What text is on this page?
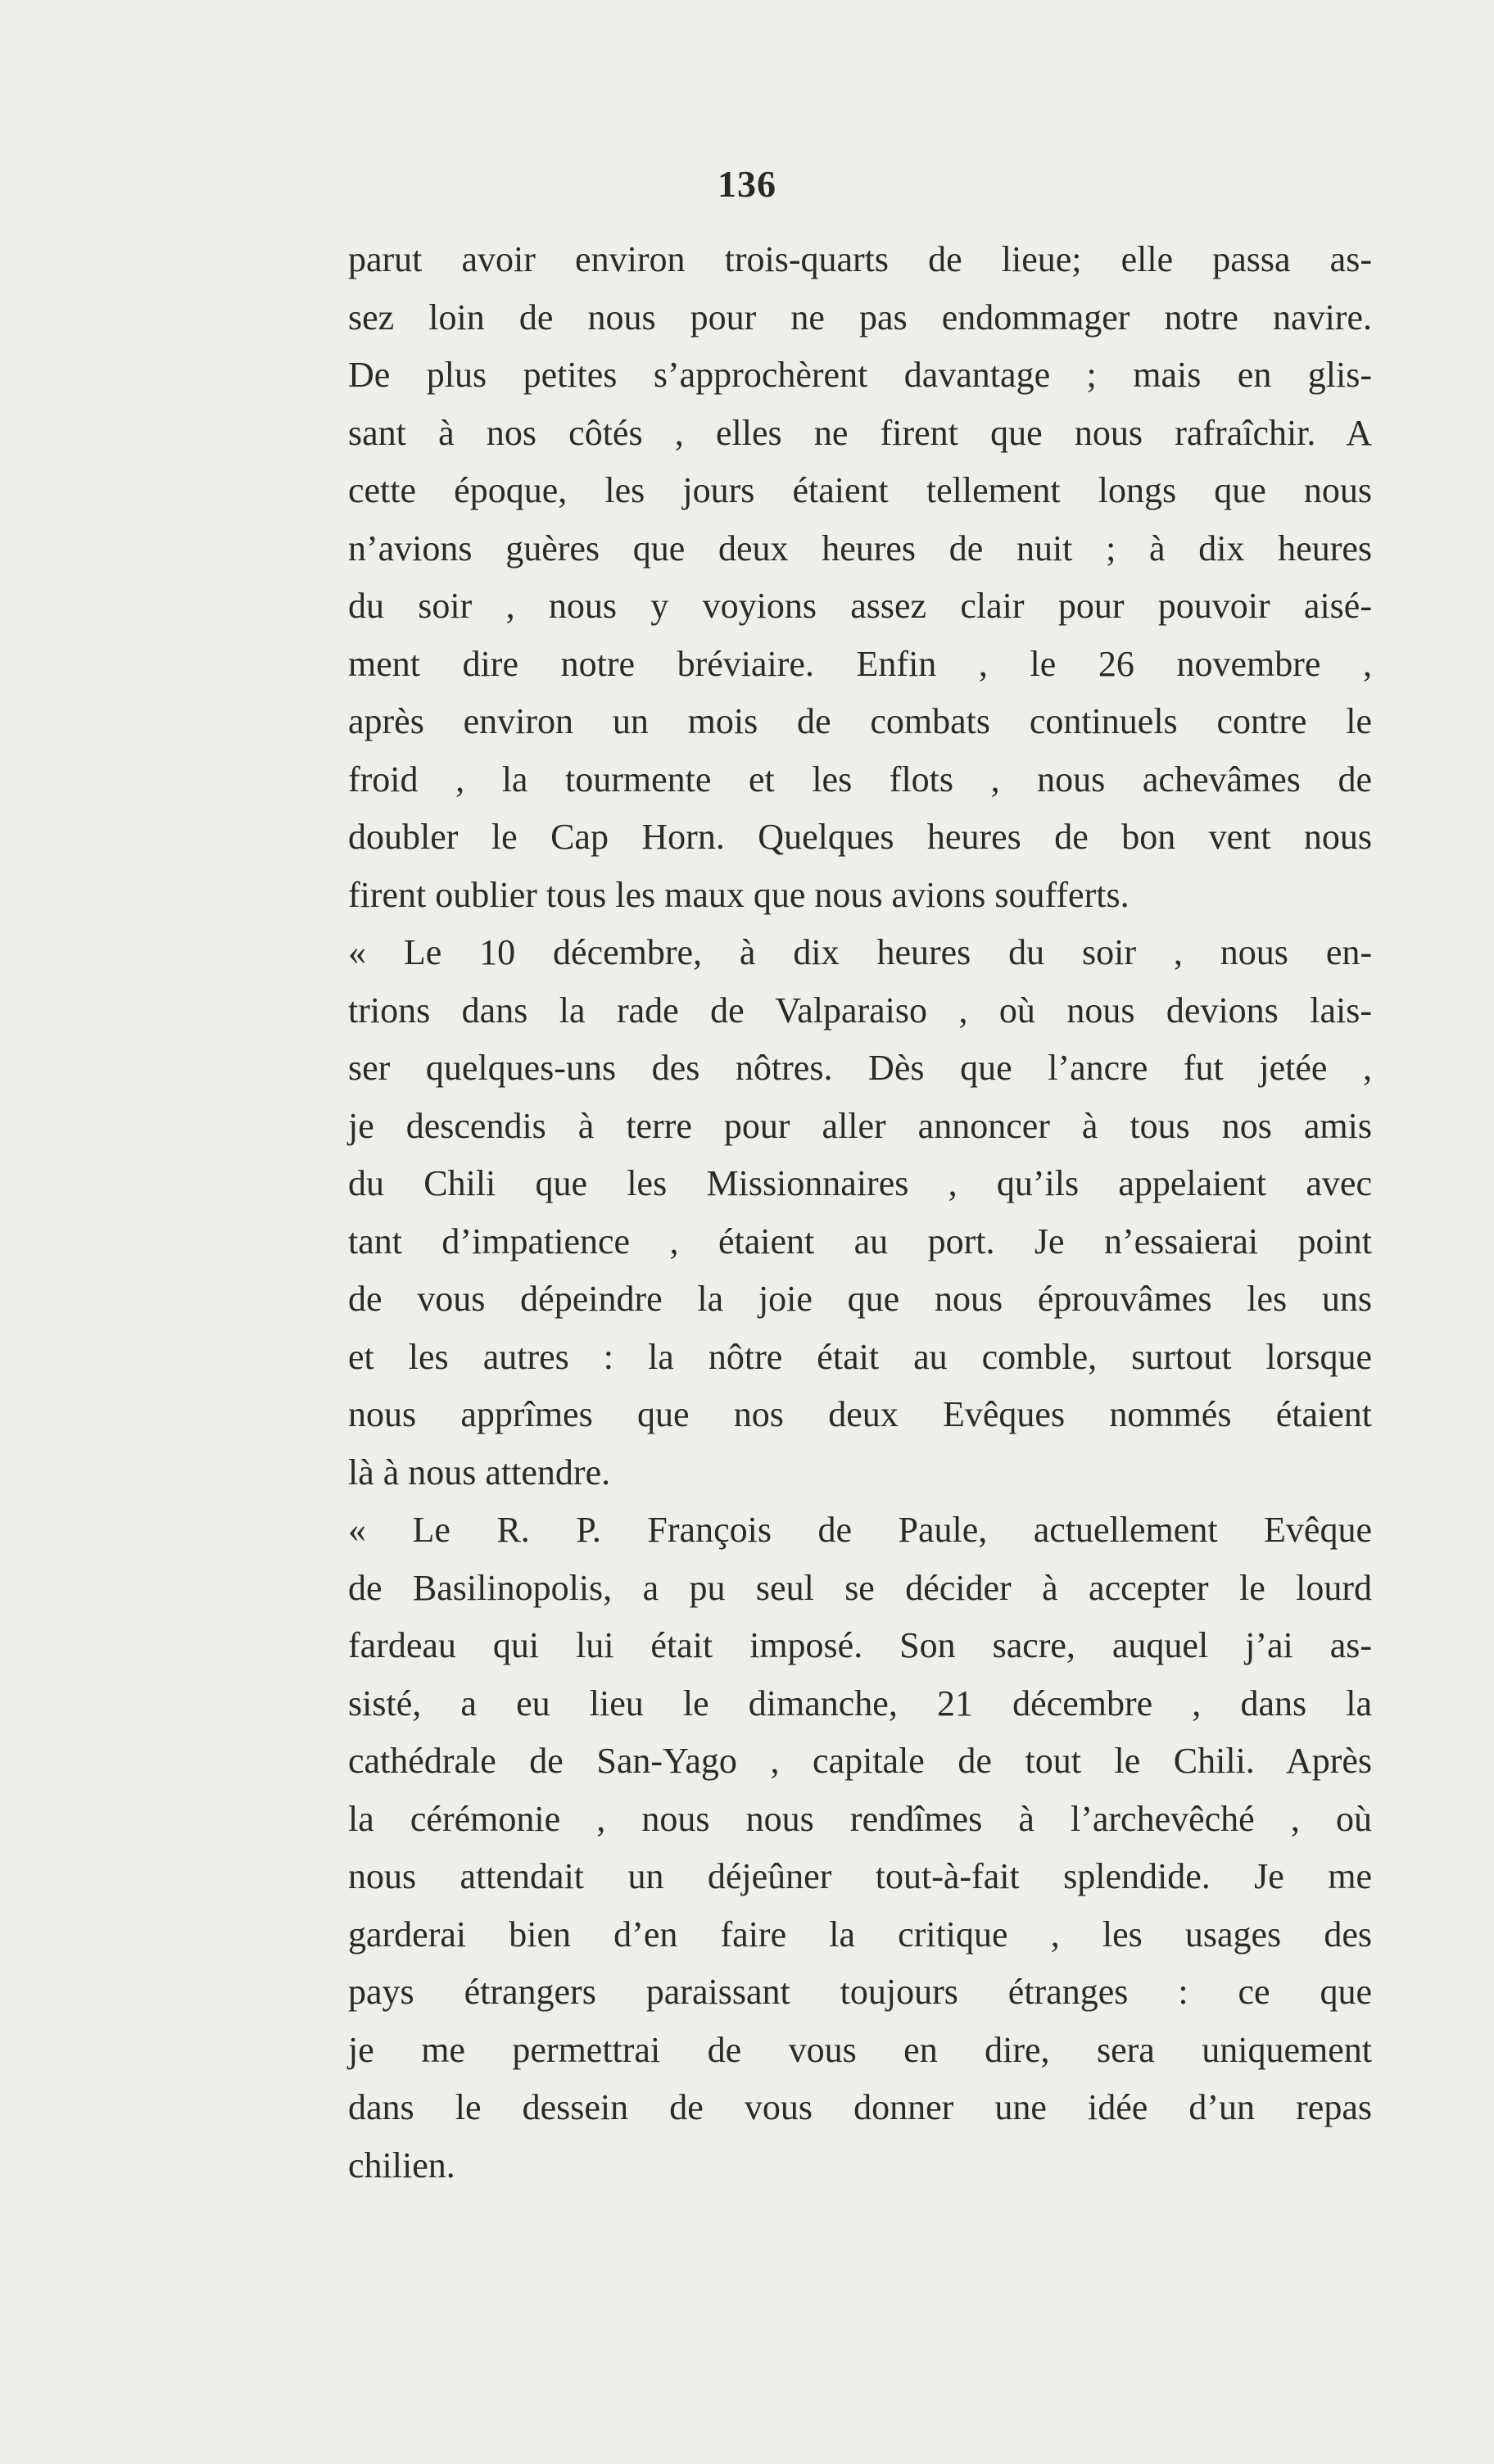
136
parut avoir environ trois-quarts de lieue; elle passa as-
sez loin de nous pour ne pas endommager notre navire.
De plus petites s’approchèrent davantage ; mais en glis-
sant à nos côtés , elles ne firent que nous rafraîchir. A
cette époque, les jours étaient tellement longs que nous
n’avions guères que deux heures de nuit ; à dix heures
du soir , nous y voyions assez clair pour pouvoir aisé-
ment dire notre bréviaire. Enfin , le 26 novembre ,
après environ un mois de combats continuels contre le
froid , la tourmente et les flots , nous achevâmes de
doubler le Cap Horn. Quelques heures de bon vent nous
firent oublier tous les maux que nous avions soufferts.
« Le 10 décembre, à dix heures du soir , nous en-
trions dans la rade de Valparaiso , où nous devions lais-
ser quelques-uns des nôtres. Dès que l’ancre fut jetée ,
je descendis à terre pour aller annoncer à tous nos amis
du Chili que les Missionnaires , qu’ils appelaient avec
tant d’impatience , étaient au port. Je n’essaierai point
de vous dépeindre la joie que nous éprouvâmes les uns
et les autres : la nôtre était au comble, surtout lorsque
nous apprîmes que nos deux Evêques nommés étaient
là à nous attendre.
« Le R. P. François de Paule, actuellement Evêque
de Basilinopolis, a pu seul se décider à accepter le lourd
fardeau qui lui était imposé. Son sacre, auquel j’ai as-
sisté, a eu lieu le dimanche, 21 décembre , dans la
cathédrale de San-Yago , capitale de tout le Chili. Après
la cérémonie , nous nous rendîmes à l’archevêché , où
nous attendait un déjeûner tout-à-fait splendide. Je me
garderai bien d’en faire la critique , les usages des
pays étrangers paraissant toujours étranges : ce que
je me permettrai de vous en dire, sera uniquement
dans le dessein de vous donner une idée d’un repas
chilien.
